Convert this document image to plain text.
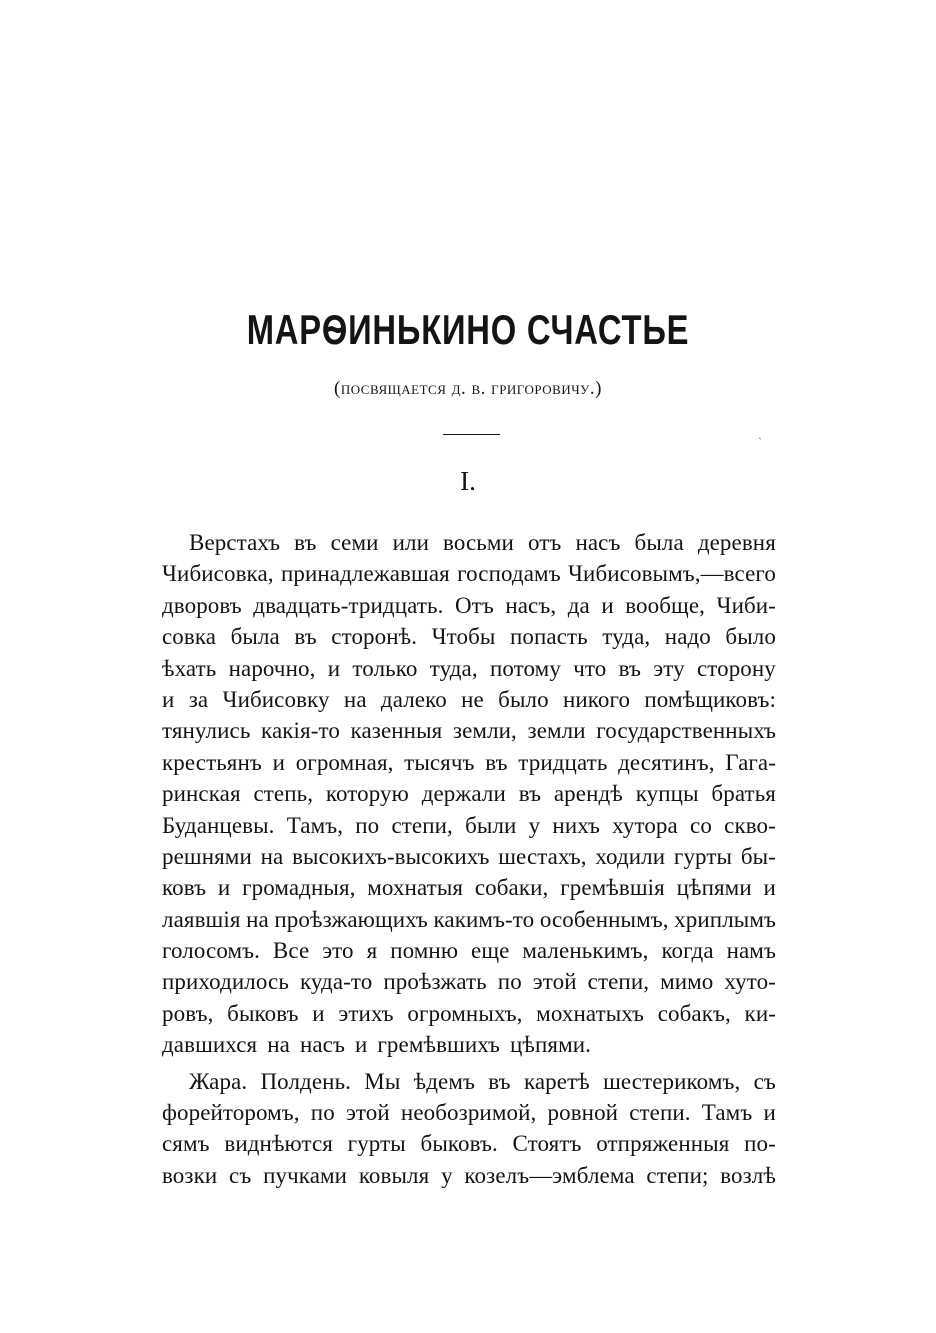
МАРѲИНЬКИНО СЧАСТЬЕ

(посвящается д. в. григоровичу.)

ˏ

I.

Верстахъ въ семи или восьми отъ насъ была деревня
Чибисовка, принадлежавшая господамъ Чибисовымъ,—всего
дворовъ двадцать-тридцать. Отъ насъ, да и вообще, Чиби-
совка была въ сторонѣ. Чтобы попасть туда, надо было
ѣхать нарочно, и только туда, потому что въ эту сторону
и за Чибисовку на далеко не было никого помѣщиковъ:
тянулись какія-то казенныя земли, земли государственныхъ
крестьянъ и огромная, тысячъ въ тридцать десятинъ, Гага-
ринская степь, которую держали въ арендѣ купцы братья
Буданцевы. Тамъ, по степи, были у нихъ хутора со скво-
решнями на высокихъ-высокихъ шестахъ, ходили гурты бы-
ковъ и громадныя, мохнатыя собаки, гремѣвшія цѣпями и
лаявшія на проѣзжающихъ какимъ-то особеннымъ, хриплымъ
голосомъ. Все это я помню еще маленькимъ, когда намъ
приходилось куда-то проѣзжать по этой степи, мимо хуто-
ровъ, быковъ и этихъ огромныхъ, мохнатыхъ собакъ, ки-
давшихся на насъ и гремѣвшихъ цѣпями.
Жара. Полдень. Мы ѣдемъ въ каретѣ шестерикомъ, съ
форейторомъ, по этой необозримой, ровной степи. Тамъ и
сямъ виднѣются гурты быковъ. Стоятъ отпряженныя по-
возки съ пучками ковыля у козелъ—эмблема степи; возлѣ
